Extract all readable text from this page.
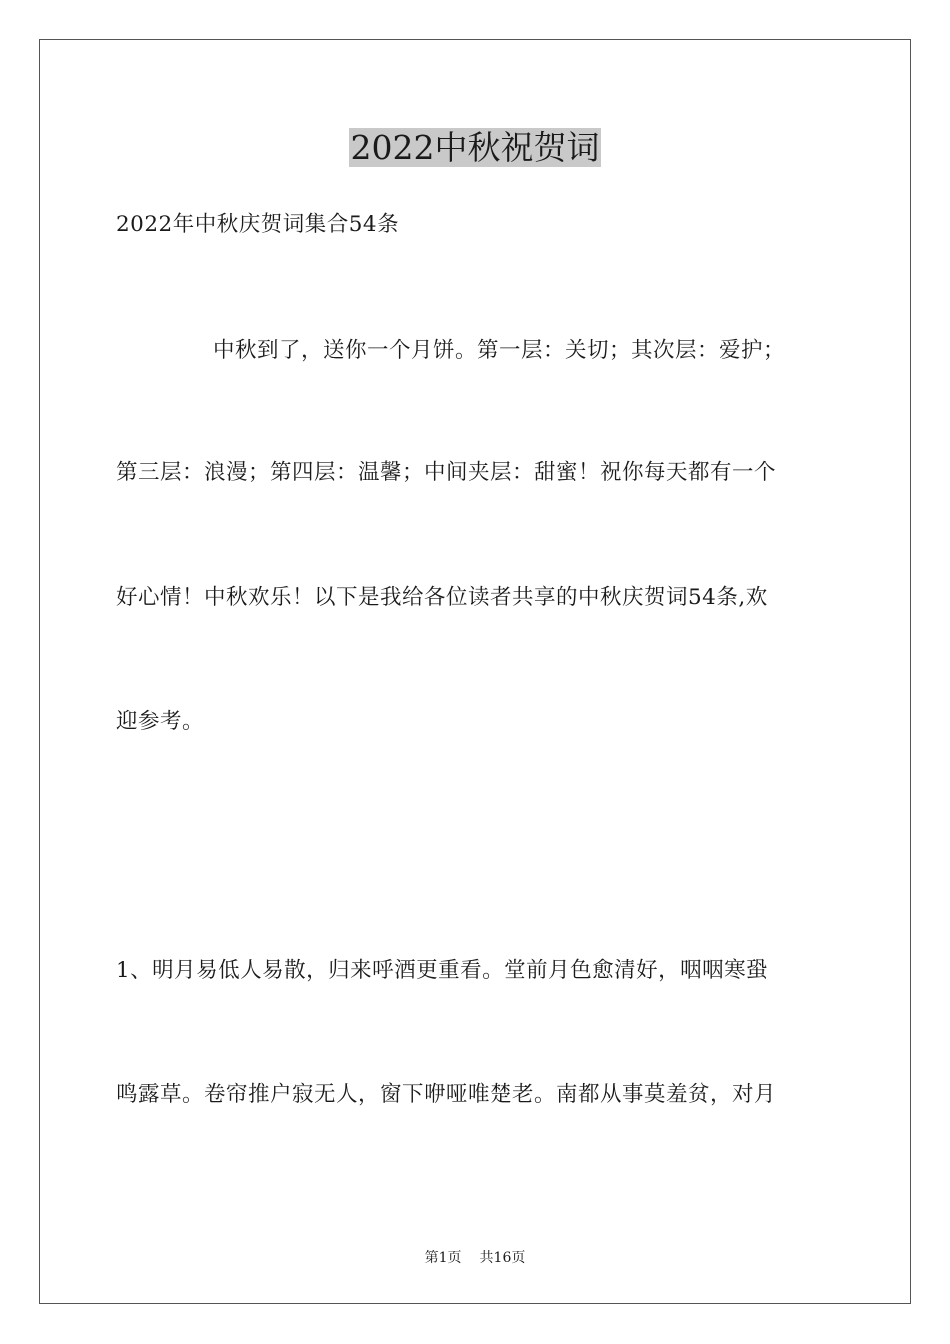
2022中秋祝贺词
2022年中秋庆贺词集合54条
中秋到了，送你一个月饼。第一层：关切；其次层：爱护；
第三层：浪漫；第四层：温馨；中间夹层：甜蜜！祝你每天都有一个
好心情！中秋欢乐！以下是我给各位读者共享的中秋庆贺词54条,欢
迎参考。
1、明月易低人易散，归来呼酒更重看。堂前月色愈清好，咽咽寒蛩
鸣露草。卷帘推户寂无人，窗下咿哑唯楚老。南都从事莫羞贫，对月
第1页 共16页
